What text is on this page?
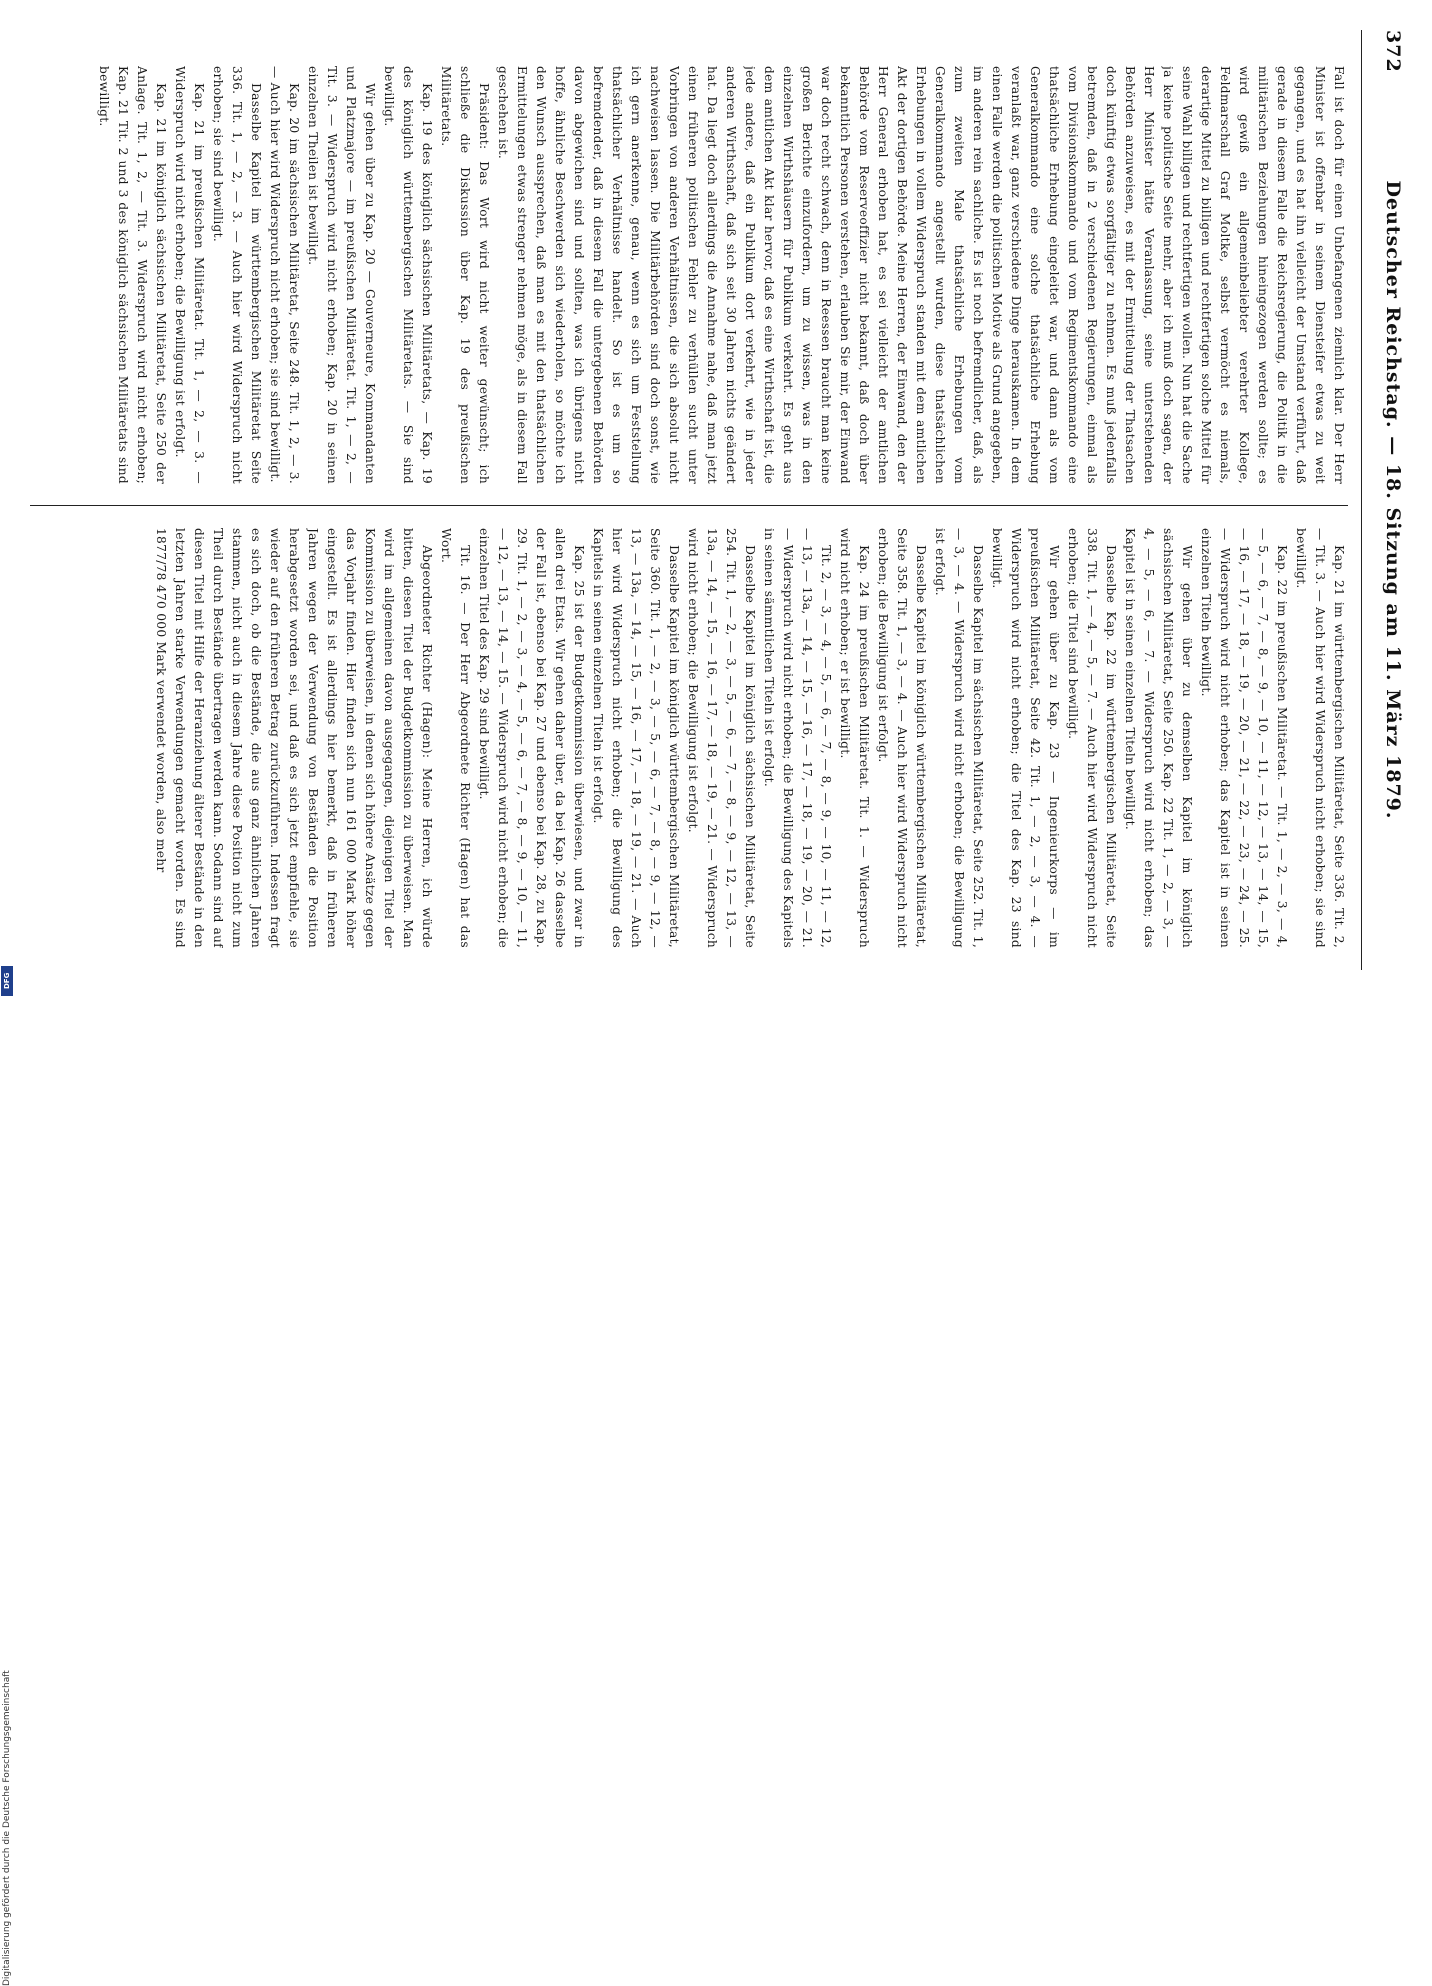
372
Deutscher Reichstag. — 18. Sitzung am 11. März 1879.

Fall ist doch für einen Unbefangenen ziemlich klar. Der Herr Minister ist offenbar in seinem Diensteifer etwas zu weit gegangen, und es hat ihn vielleicht der Umstand verführt, daß gerade in diesem Falle die Reichsregierung, die Politik in die militärischen Beziehungen hineingezogen werden sollte; es wird gewiß ein allgemeinbeliebter verehrter Kollege, Feldmarschall Graf Moltke, selbst vermöcht es niemals, derartige Mittel zu billigen und rechtfertigen solche Mittel für seine Wahl billigen und rechtfertigen wollen. Nun hat die Sache ja keine politische Seite mehr, aber ich muß doch sagen, der Herr Minister hätte Veranlassung, seine unterstehenden Behörden anzuweisen, es mit der Ermittelung der Thatsachen doch künftig etwas sorgfältiger zu nehmen. Es muß jedenfalls betremden, daß in 2 verschiedenen Regierungen, einmal als vom Divisionskommando und vom Regimentskommando eine thatsächliche Erhebung eingeleitet war, und dann als vom Generalkommando eine solche thatsächliche Erhebung veranlaßt war, ganz verschiedene Dinge herauskamen. In dem einen Falle werden die politischen Motive als Grund angegeben, im anderen rein sachliche. Es ist noch befremdlicher, daß, als zum zweiten Male thatsächliche Erhebungen vom Generalkommando angestellt wurden, diese thatsächlichen Erhebungen in vollem Widerspruch standen mit dem amtlichen Akt der dortigen Behörde. Meine Herren, der Einwand, den der Herr General erhoben hat, es sei vielleicht der amtlichen Behörde vom Reserveoffizier nicht bekannt, daß doch über bekanntlich Personen verstehen, erlauben Sie mir, der Einwand war doch recht schwach, denn in Reessen braucht man keine großen Berichte einzufordern, um zu wissen, was in den einzelnen Wirthshäusern für Publikum verkehrt. Es geht aus dem amtlichen Akt klar hervor, daß es eine Wirthschaft ist, die jede andere, daß ein Publikum dort verkehrt, wie in jeder anderen Wirthschaft, daß sich seit 30 Jahren nichts geändert hat. Da liegt doch allerdings die Annahme nahe, daß man jetzt einen früheren politischen Fehler zu verhüllen sucht unter Vorbringen von anderen Verhältnissen, die sich absolut nicht nachweisen lassen. Die Militärbehörden sind doch sonst, wie ich gern anerkenne, genau, wenn es sich um Feststellung thatsächlicher Verhältnisse handelt. So ist es um so befremdender, daß in diesem Fall die untergebenen Behörden davon abgewichen sind und sollten, was ich übrigens nicht hoffe, ähnliche Beschwerden sich wiederholen, so möchte ich den Wunsch aussprechen, daß man es mit den thatsächlichen Ermittelungen etwas strenger nehmen möge, als in diesem Fall geschehen ist.

Präsident: Das Wort wird nicht weiter gewünscht; ich schließe die Diskussion über Kap. 19 des preußischen Militäretats.

Kap. 19 des königlich sächsischen Militäretats, — Kap. 19 des königlich württembergischen Militäretats. — Sie sind bewilligt.

Wir gehen über zu Kap. 20 — Gouverneure, Kommandanten und Platzmajore — im preußischen Militäretat. Tit. 1, — 2, — Tit. 3. — Widerspruch wird nicht erhoben; Kap. 20 in seinen einzelnen Theilen ist bewilligt.

Kap. 20 im sächsischen Militäretat, Seite 248. Tit. 1, 2, — 3. — Auch hier wird Widerspruch nicht erhoben; sie sind bewilligt.

Dasselbe Kapitel im württembergischen Militäretat Seite 336. Tit. 1, — 2, — 3. — Auch hier wird Widerspruch nicht erhoben; sie sind bewilligt.

Kap. 21 im preußischen Militäretat. Tit. 1, — 2, — 3. — Widerspruch wird nicht erhoben; die Bewilligung ist erfolgt.

Kap. 21 im königlich sächsischen Militäretat, Seite 250 der Anlage. Tit. 1, 2, — Tit. 3. Widerspruch wird nicht erhoben; Kap. 21 Tit. 2 und 3 des königlich sächsischen Militäretats sind bewilligt.

Kap. 21 im württembergischen Militäretat, Seite 336. Tit. 2, — Tit. 3. — Auch hier wird Widerspruch nicht erhoben; sie sind bewilligt.

Kap. 22 im preußischen Militäretat. — Tit. 1, — 2, — 3, — 4, — 5, — 6, — 7, — 8, — 9, — 10, — 11, — 12, — 13, — 14, — 15, — 16, — 17, — 18, — 19, — 20, — 21, — 22, — 23, — 24, — 25. — Widerspruch wird nicht erhoben; das Kapitel ist in seinen einzelnen Titeln bewilligt.

Wir gehen über zu demselben Kapitel im königlich sächsischen Militäretat, Seite 250. Kap. 22 Tit. 1, — 2, — 3, — 4, — 5, — 6, — 7. — Widerspruch wird nicht erhoben; das Kapitel ist in seinen einzelnen Titeln bewilligt.

Dasselbe Kap. 22 im württembergischen Militäretat, Seite 338. Tit. 1, — 4, — 5, — 7. — Auch hier wird Widerspruch nicht erhoben; die Titel sind bewilligt.

Wir gehen über zu Kap. 23 — Ingenieurkorps — im preußischen Militäretat, Seite 42. Tit. 1, — 2, — 3, — 4. — Widerspruch wird nicht erhoben; die Titel des Kap. 23 sind bewilligt.

Dasselbe Kapitel im sächsischen Militäretat, Seite 252. Tit. 1, — 3, — 4. — Widerspruch wird nicht erhoben; die Bewilligung ist erfolgt.

Dasselbe Kapitel im königlich württembergischen Militäretat, Seite 358. Tit. 1, — 3, — 4. — Auch hier wird Widerspruch nicht erhoben; die Bewilligung ist erfolgt.

Kap. 24 im preußischen Militäretat. Tit. 1. — Widerspruch wird nicht erhoben; er ist bewilligt.

Tit. 2, — 3, — 4, — 5, — 6, — 7, — 8, — 9, — 10, — 11, — 12, — 13, — 13a, — 14, — 15, — 16, — 17, — 18, — 19, — 20, — 21. — Widerspruch wird nicht erhoben; die Bewilligung des Kapitels in seinen sämmtlichen Titeln ist erfolgt.

Dasselbe Kapitel im königlich sächsischen Militäretat, Seite 254. Tit. 1, — 2, — 3, — 5, — 6, — 7, — 8, — 9, — 12, — 13, — 13a, — 14, — 15, — 16, — 17, — 18, — 19, — 21. — Widerspruch wird nicht erhoben; die Bewilligung ist erfolgt.

Dasselbe Kapitel im königlich württembergischen Militäretat, Seite 360. Tit. 1, — 2, — 3, — 5, — 6, — 7, — 8, — 9, — 12, — 13, — 13a, — 14, — 15, — 16, — 17, — 18, — 19, — 21. — Auch hier wird Widerspruch nicht erhoben; die Bewilligung des Kapitels in seinen einzelnen Titeln ist erfolgt.

Kap. 25 ist der Budgetkommission überwiesen, und zwar in allen drei Etats. Wir gehen daher über, da bei Kap. 26 dasselbe der Fall ist, ebenso bei Kap. 27 und ebenso bei Kap. 28, zu Kap. 29. Tit. 1, — 2, — 3, — 4, — 5, — 6, — 7, — 8, — 9, — 10, — 11, — 12, — 13, — 14, — 15. — Widerspruch wird nicht erhoben; die einzelnen Titel des Kap. 29 sind bewilligt.

Tit. 16. — Der Herr Abgeordnete Richter (Hagen) hat das Wort.

Abgeordneter Richter (Hagen): Meine Herren, ich würde bitten, diesen Titel der Budgetkommission zu überweisen. Man wird im allgemeinen davon ausgegangen, diejenigen Titel der Kommission zu überweisen, in denen sich höhere Ansätze gegen das Vorjahr finden. Hier finden sich nun 161 000 Mark höher eingestellt. Es ist allerdings hier bemerkt, daß in früheren Jahren wegen der Verwendung von Beständen die Position herabgesetzt worden sei, und daß es sich jetzt empfiehle, sie wieder auf den früheren Betrag zurückzuführen. Indessen fragt es sich doch, ob die Bestände, die aus ganz ähnlichen Jahren stammen, nicht auch in diesem Jahre diese Position nicht zum Theil durch Bestände übertragen werden kann. Sodann sind auf diesen Titel mit Hilfe der Heranziehung älterer Bestände in den letzten Jahren starke Verwendungen gemacht worden. Es sind 1877/78 470 000 Mark verwendet worden, also mehr

Digitalisierung gefördert durch die Deutsche Forschungsgemeinschaft
DFG
